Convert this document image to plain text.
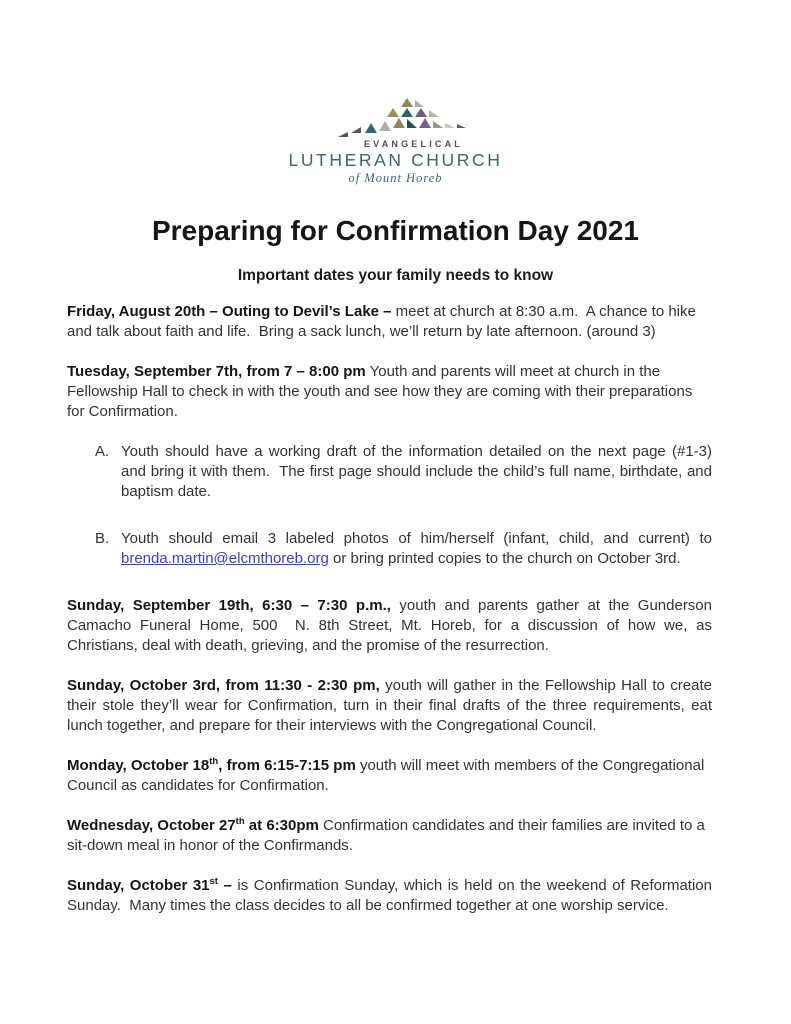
EVANGELICAL
LUTHERAN CHURCH
of Mount Horeb
Preparing for Confirmation Day 2021
Important dates your family needs to know
Friday, August 20th – Outing to Devil’s Lake – meet at church at 8:30 a.m.  A chance to hike and talk about faith and life.  Bring a sack lunch, we’ll return by late afternoon. (around 3)
Tuesday, September 7th, from 7 – 8:00 pm Youth and parents will meet at church in the Fellowship Hall to check in with the youth and see how they are coming with their preparations for Confirmation.
A. Youth should have a working draft of the information detailed on the next page (#1-3) and bring it with them.  The first page should include the child’s full name, birthdate, and baptism date.
B. Youth should email 3 labeled photos of him/herself (infant, child, and current) to brenda.martin@elcmthoreb.org or bring printed copies to the church on October 3rd.
Sunday, September 19th, 6:30 – 7:30 p.m., youth and parents gather at the Gunderson Camacho Funeral Home, 500  N. 8th Street, Mt. Horeb, for a discussion of how we, as Christians, deal with death, grieving, and the promise of the resurrection.
Sunday, October 3rd, from 11:30 - 2:30 pm, youth will gather in the Fellowship Hall to create their stole they’ll wear for Confirmation, turn in their final drafts of the three requirements, eat lunch together, and prepare for their interviews with the Congregational Council.
Monday, October 18th, from 6:15-7:15 pm youth will meet with members of the Congregational Council as candidates for Confirmation.
Wednesday, October 27th at 6:30pm Confirmation candidates and their families are invited to a sit-down meal in honor of the Confirmands.
Sunday, October 31st – is Confirmation Sunday, which is held on the weekend of Reformation Sunday.  Many times the class decides to all be confirmed together at one worship service.
